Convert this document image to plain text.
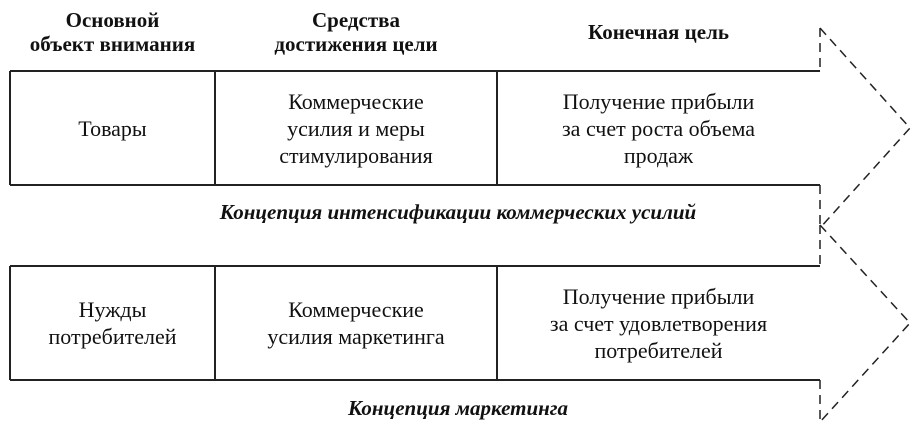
Основной
объект внимания
Средства
достижения цели	Конечная цель
Товары
Коммерческие
усилия и меры
стимулирования
Получение прибыли
за счет роста объема
продаж
Концепция интенсификации коммерческих усилий
Нужды
потребителей
Коммерческие
усилия маркетинга
Получение прибыли
за счет удовлетворения
потребителей
Концепция маркетинга
